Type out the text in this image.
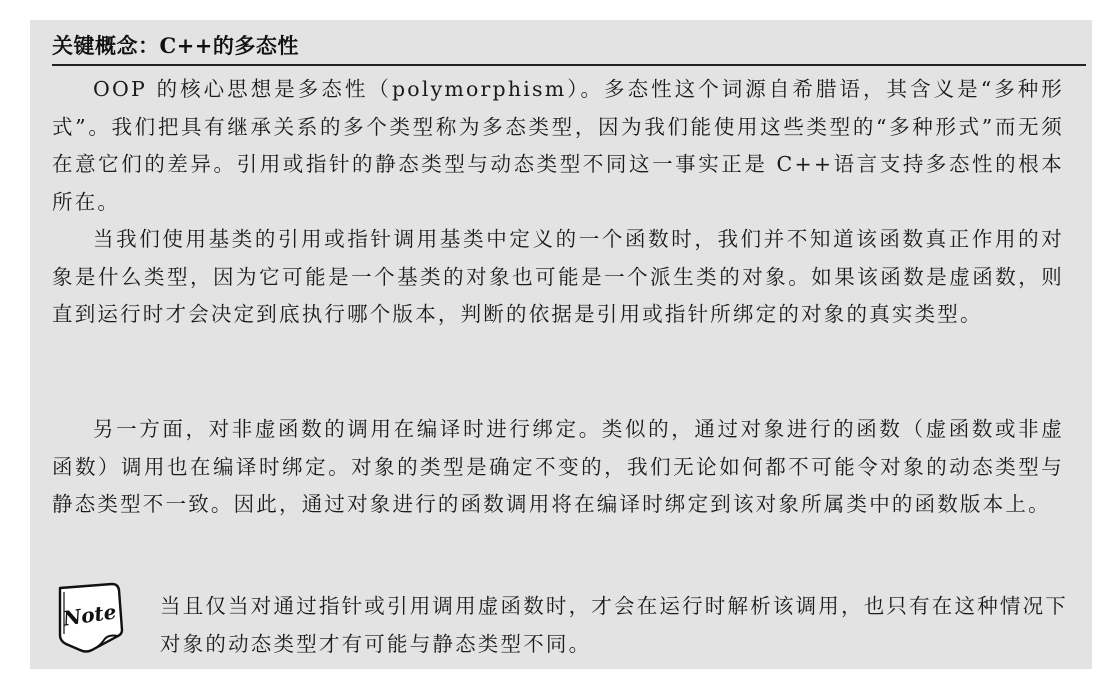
关键概念：C++的多态性

OOP 的核心思想是多态性（polymorphism）。多态性这个词源自希腊语，其含义是“多种形式”。我们把具有继承关系的多个类型称为多态类型，因为我们能使用这些类型的“多种形式”而无须在意它们的差异。引用或指针的静态类型与动态类型不同这一事实正是 C++语言支持多态性的根本所在。

当我们使用基类的引用或指针调用基类中定义的一个函数时，我们并不知道该函数真正作用的对象是什么类型，因为它可能是一个基类的对象也可能是一个派生类的对象。如果该函数是虚函数，则直到运行时才会决定到底执行哪个版本，判断的依据是引用或指针所绑定的对象的真实类型。

另一方面，对非虚函数的调用在编译时进行绑定。类似的，通过对象进行的函数（虚函数或非虚函数）调用也在编译时绑定。对象的类型是确定不变的，我们无论如何都不可能令对象的动态类型与静态类型不一致。因此，通过对象进行的函数调用将在编译时绑定到该对象所属类中的函数版本上。

Note 当且仅当对通过指针或引用调用虚函数时，才会在运行时解析该调用，也只有在这种情况下对象的动态类型才有可能与静态类型不同。
